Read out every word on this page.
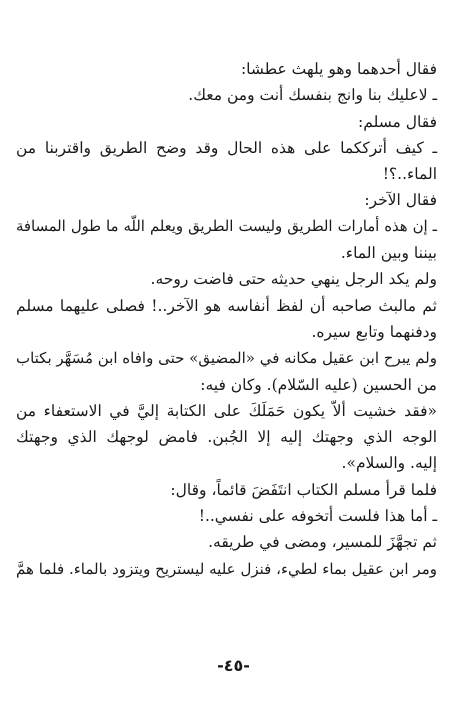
فقال أحدهما وهو يلهث عطشا:
ـ لاعليك بنا وانج بنفسك أنت ومن معك.
فقال مسلم:
ـ كيف أترككما على هذه الحال وقد وضح الطريق واقتربنا من
الماء..؟!
فقال الآخر:
ـ إن هذه أمارات الطريق وليست الطريق ويعلم اللّه ما طول المسافة
بيننا وبين الماء.
ولم يكد الرجل ينهي حديثه حتى فاضت روحه.
ثم مالبث صاحبه أن لفظ أنفاسه هو الآخر..! فصلى عليهما مسلم
ودفنهما وتابع سيره.
ولم يبرح ابن عقيل مكانه في «المضيق» حتى وافاه ابن مُسَهَّر بكتاب
من الحسين (عليه السّلام). وكان فيه:
«فقد خشيت ألاّ يكون حَمَلَكَ على الكتابة إليَّ في الاستعفاء من
الوجه الذي وجهتك إليه إلا الجُبن. فامض لوجهك الذي وجهتك
إليه. والسلام».
فلما قرأ مسلم الكتاب انتَفَضَ قائماً، وقال:
ـ أما هذا فلست أتخوفه على نفسي..!
ثم تجهَّزَ للمسير، ومضى في طريقه.
ومر ابن عقيل بماء لطيء، فنزل عليه ليستريح ويتزود بالماء. فلما همَّ
-٤٥-
